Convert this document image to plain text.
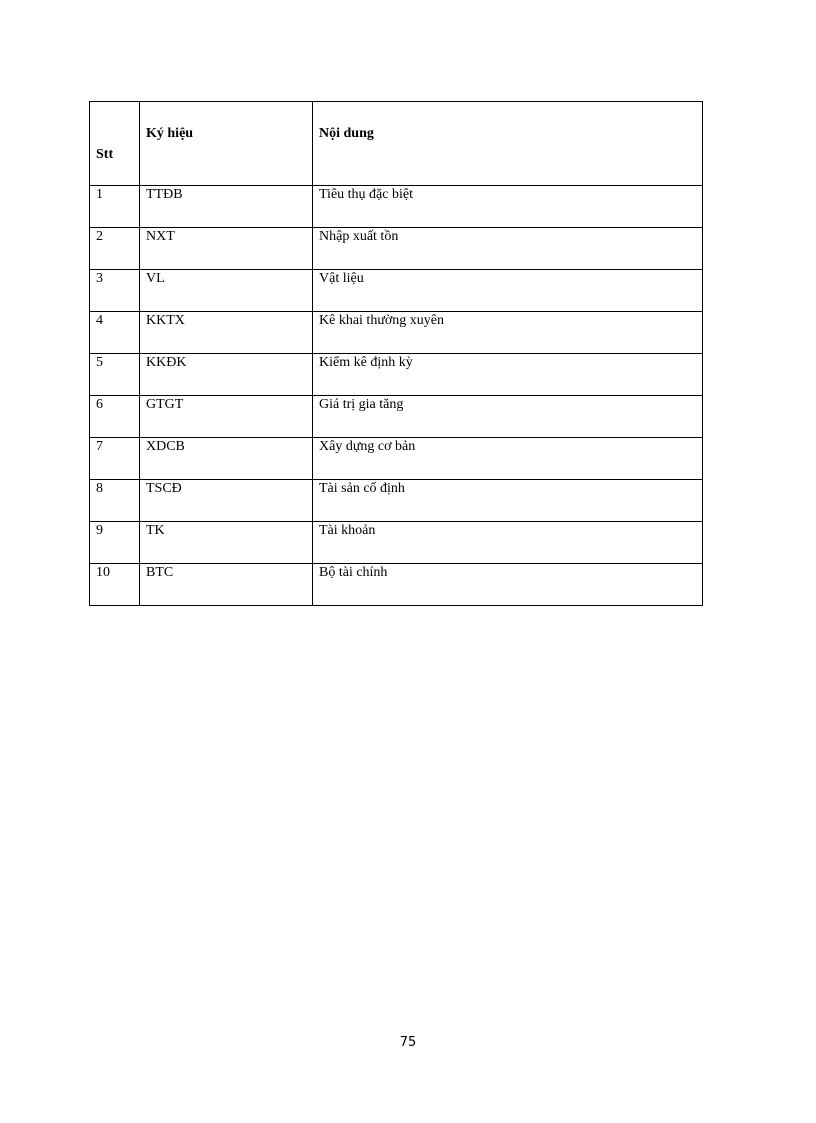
Stt	Ký hiệu	Nội dung
1	TTĐB	Tiêu thụ đặc biệt
2	NXT	Nhập xuất tồn
3	VL	Vật liệu
4	KKTX	Kê khai thường xuyên
5	KKĐK	Kiểm kê định kỳ
6	GTGT	Giá trị gia tăng
7	XDCB	Xây dựng cơ bản
8	TSCĐ	Tài sản cố định
9	TK	Tài khoản
10	BTC	Bộ tài chính
75
